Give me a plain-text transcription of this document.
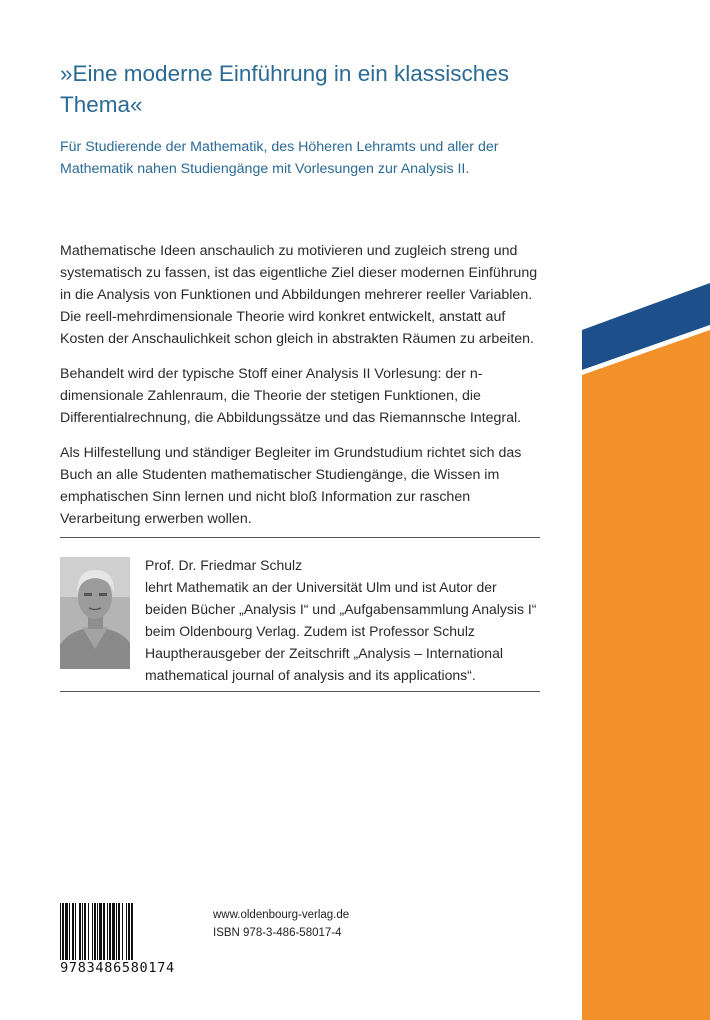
»Eine moderne Einführung in ein klassisches Thema«

Für Studierende der Mathematik, des Höheren Lehramts und aller der Mathematik nahen Studiengänge mit Vorlesungen zur Analysis II.

Mathematische Ideen anschaulich zu motivieren und zugleich streng und systematisch zu fassen, ist das eigentliche Ziel dieser modernen Einführung in die Analysis von Funktionen und Abbildungen mehrerer reeller Variablen. Die reell-mehrdimensionale Theorie wird konkret entwickelt, anstatt auf Kosten der Anschaulichkeit schon gleich in abstrakten Räumen zu arbeiten.

Behandelt wird der typische Stoff einer Analysis II Vorlesung: der n-dimensionale Zahlenraum, die Theorie der stetigen Funktionen, die Differentialrechnung, die Abbildungssätze und das Riemannsche Integral.

Als Hilfestellung und ständiger Begleiter im Grundstudium richtet sich das Buch an alle Studenten mathematischer Studiengänge, die Wissen im emphatischen Sinn lernen und nicht bloß Information zur raschen Verarbeitung erwerben wollen.

Prof. Dr. Friedmar Schulz
lehrt Mathematik an der Universität Ulm und ist Autor der
beiden Bücher „Analysis I“ und „Aufgabensammlung Analysis I“
beim Oldenbourg Verlag. Zudem ist Professor Schulz
Hauptherausgeber der Zeitschrift „Analysis – International
mathematical journal of analysis and its applications“.
9783486580174
www.oldenbourg-verlag.de
ISBN 978-3-486-58017-4
